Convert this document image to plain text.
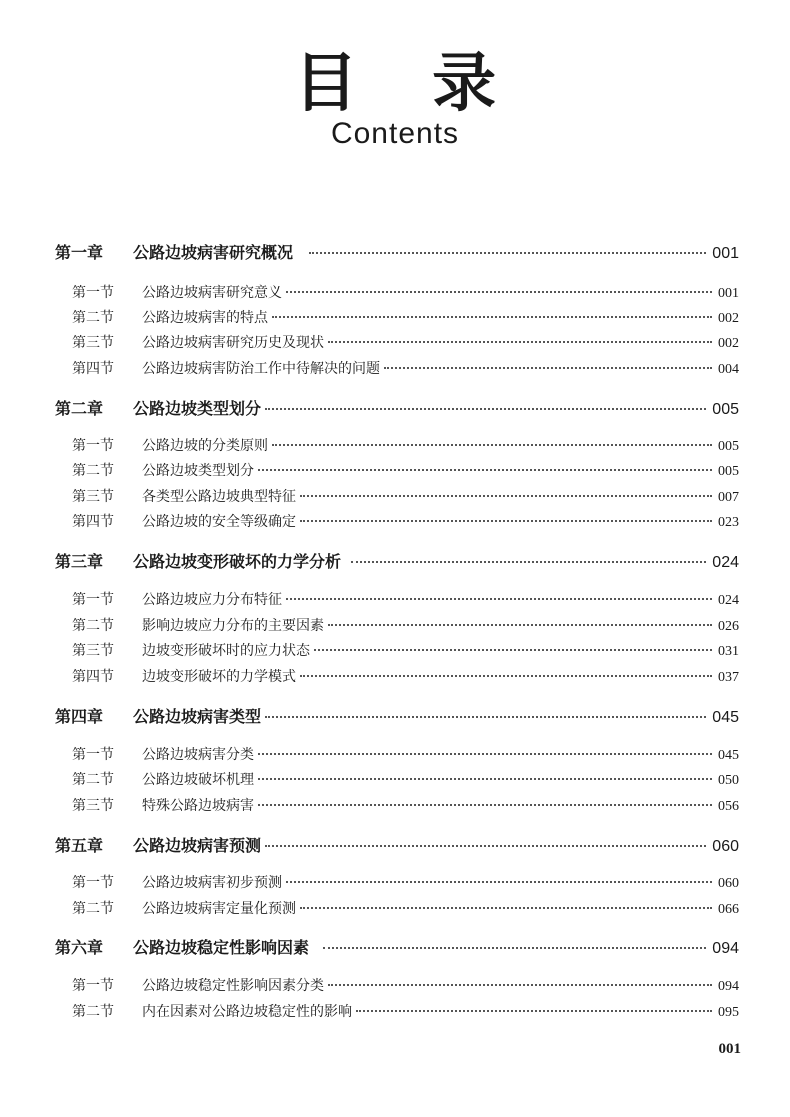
目 录
Contents
第一章	公路边坡病害研究概况	001
第一节	公路边坡病害研究意义	001
第二节	公路边坡病害的特点	002
第三节	公路边坡病害研究历史及现状	002
第四节	公路边坡病害防治工作中待解决的问题	004
第二章	公路边坡类型划分	005
第一节	公路边坡的分类原则	005
第二节	公路边坡类型划分	005
第三节	各类型公路边坡典型特征	007
第四节	公路边坡的安全等级确定	023
第三章	公路边坡变形破坏的力学分析	024
第一节	公路边坡应力分布特征	024
第二节	影响边坡应力分布的主要因素	026
第三节	边坡变形破坏时的应力状态	031
第四节	边坡变形破坏的力学模式	037
第四章	公路边坡病害类型	045
第一节	公路边坡病害分类	045
第二节	公路边坡破坏机理	050
第三节	特殊公路边坡病害	056
第五章	公路边坡病害预测	060
第一节	公路边坡病害初步预测	060
第二节	公路边坡病害定量化预测	066
第六章	公路边坡稳定性影响因素	094
第一节	公路边坡稳定性影响因素分类	094
第二节	内在因素对公路边坡稳定性的影响	095
001
